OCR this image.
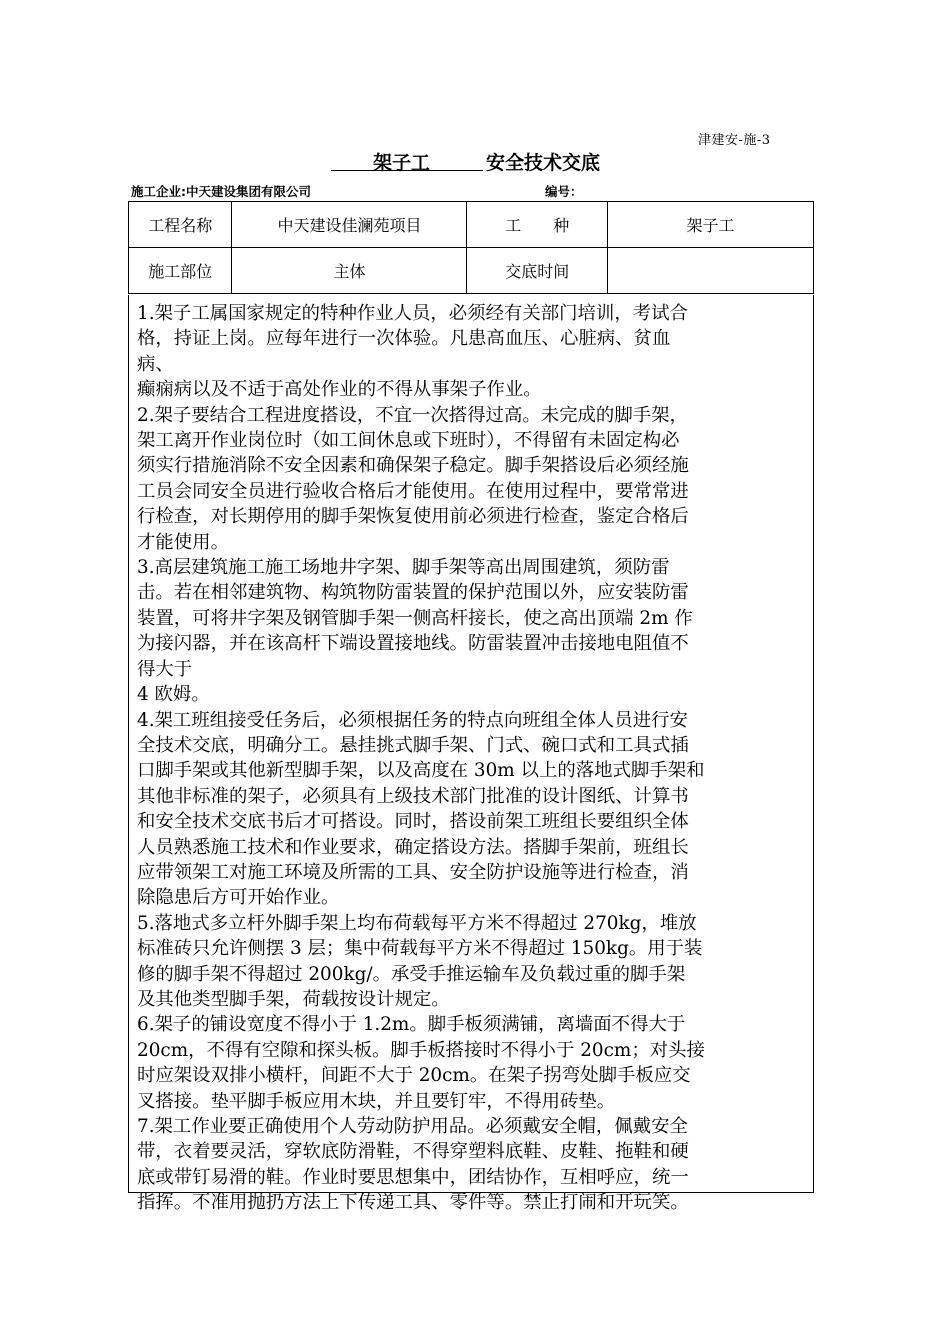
津建安-施-3
架子工	安全技术交底
施工企业:中天建设集团有限公司	编号：
工程名称	中天建设佳澜苑项目	工　　种	架子工
施工部位	主体	交底时间	
1.架子工属国家规定的特种作业人员，必须经有关部门培训，考试合
格，持证上岗。应每年进行一次体验。凡患高血压、心脏病、贫血
病、
癫痫病以及不适于高处作业的不得从事架子作业。
2.架子要结合工程进度搭设，不宜一次搭得过高。未完成的脚手架，
架工离开作业岗位时（如工间休息或下班时），不得留有未固定构必
须实行措施消除不安全因素和确保架子稳定。脚手架搭设后必须经施
工员会同安全员进行验收合格后才能使用。在使用过程中，要常常进
行检查，对长期停用的脚手架恢复使用前必须进行检查，鉴定合格后
才能使用。
3.高层建筑施工施工场地井字架、脚手架等高出周围建筑，须防雷
击。若在相邻建筑物、构筑物防雷装置的保护范围以外，应安装防雷
装置，可将井字架及钢管脚手架一侧高杆接长，使之高出顶端 2m 作
为接闪器，并在该高杆下端设置接地线。防雷装置冲击接地电阻值不
得大于
4 欧姆。
4.架工班组接受任务后，必须根据任务的特点向班组全体人员进行安
全技术交底，明确分工。悬挂挑式脚手架、门式、碗口式和工具式插
口脚手架或其他新型脚手架，以及高度在 30m 以上的落地式脚手架和
其他非标准的架子，必须具有上级技术部门批准的设计图纸、计算书
和安全技术交底书后才可搭设。同时，搭设前架工班组长要组织全体
人员熟悉施工技术和作业要求，确定搭设方法。搭脚手架前，班组长
应带领架工对施工环境及所需的工具、安全防护设施等进行检查，消
除隐患后方可开始作业。
5.落地式多立杆外脚手架上均布荷载每平方米不得超过 270kg，堆放
标准砖只允许侧摆 3 层；集中荷载每平方米不得超过 150kg。用于装
修的脚手架不得超过 200kg/。承受手推运输车及负载过重的脚手架
及其他类型脚手架，荷载按设计规定。
6.架子的铺设宽度不得小于 1.2m。脚手板须满铺，离墙面不得大于
20cm，不得有空隙和探头板。脚手板搭接时不得小于 20cm；对头接
时应架设双排小横杆，间距不大于 20cm。在架子拐弯处脚手板应交
叉搭接。垫平脚手板应用木块，并且要钉牢，不得用砖垫。
7.架工作业要正确使用个人劳动防护用品。必须戴安全帽，佩戴安全
带，衣着要灵活，穿软底防滑鞋，不得穿塑料底鞋、皮鞋、拖鞋和硬
底或带钉易滑的鞋。作业时要思想集中，团结协作，互相呼应，统一
指挥。不准用抛扔方法上下传递工具、零件等。禁止打闹和开玩笑。
